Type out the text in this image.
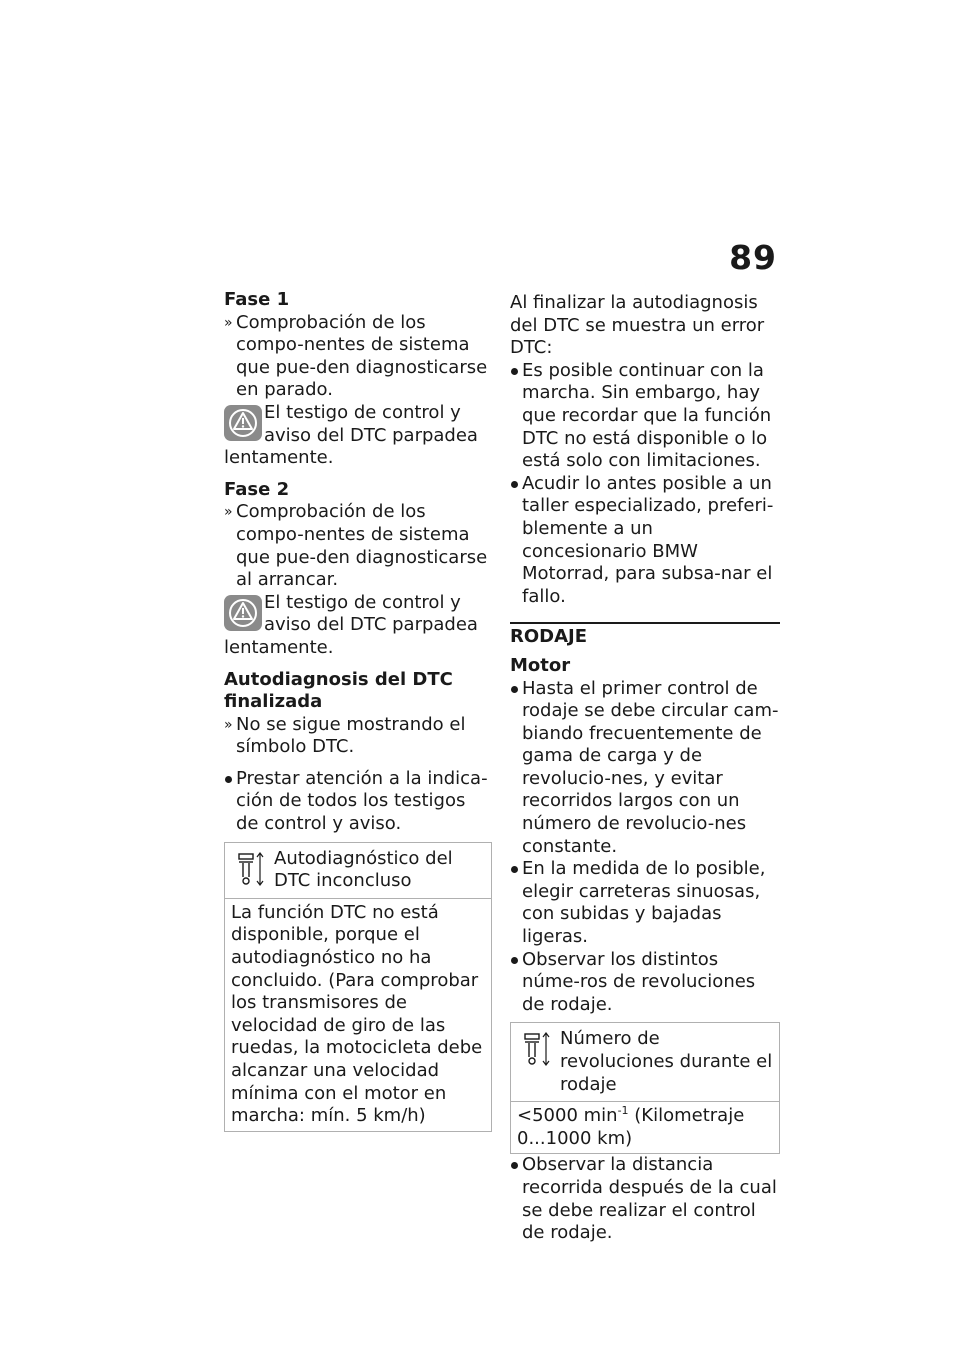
89

Fase 1

» Comprobación de los compo-nentes de sistema que pue-den diagnosticarse en parado.
El testigo de control y aviso del DTC parpadea

lentamente.

Fase 2

» Comprobación de los compo-nentes de sistema que pue-den diagnosticarse al arrancar.
El testigo de control y aviso del DTC parpadea

lentamente.

Autodiagnosis del DTC finalizada

» No se sigue mostrando el símbolo DTC.
Prestar atención a la indica-ción de todos los testigos de control y aviso.
Autodiagnóstico del DTC inconcluso
La función DTC no está disponible, porque el autodiagnóstico no ha concluido. (Para comprobar los transmisores de velocidad de giro de las ruedas, la motocicleta debe alcanzar una velocidad mínima con el motor en marcha: mín. 5 km/h)

Al finalizar la autodiagnosis del DTC se muestra un error DTC:

Es posible continuar con la marcha. Sin embargo, hay que recordar que la función DTC no está disponible o lo está solo con limitaciones.
Acudir lo antes posible a un taller especializado, preferi-blemente a un concesionario BMW Motorrad, para subsa-nar el fallo.

RODAJE

Motor

Hasta el primer control de rodaje se debe circular cam-biando frecuentemente de gama de carga y de revolucio-nes, y evitar recorridos largos con un número de revolucio-nes constante.
En la medida de lo posible, elegir carreteras sinuosas, con subidas y bajadas ligeras.
Observar los distintos núme-ros de revoluciones de rodaje.
Número de revoluciones durante el rodaje
<5000 $\min^{-1}$ (Kilometraje 0...1000 km)
Observar la distancia recorrida después de la cual se debe realizar el control de rodaje.
